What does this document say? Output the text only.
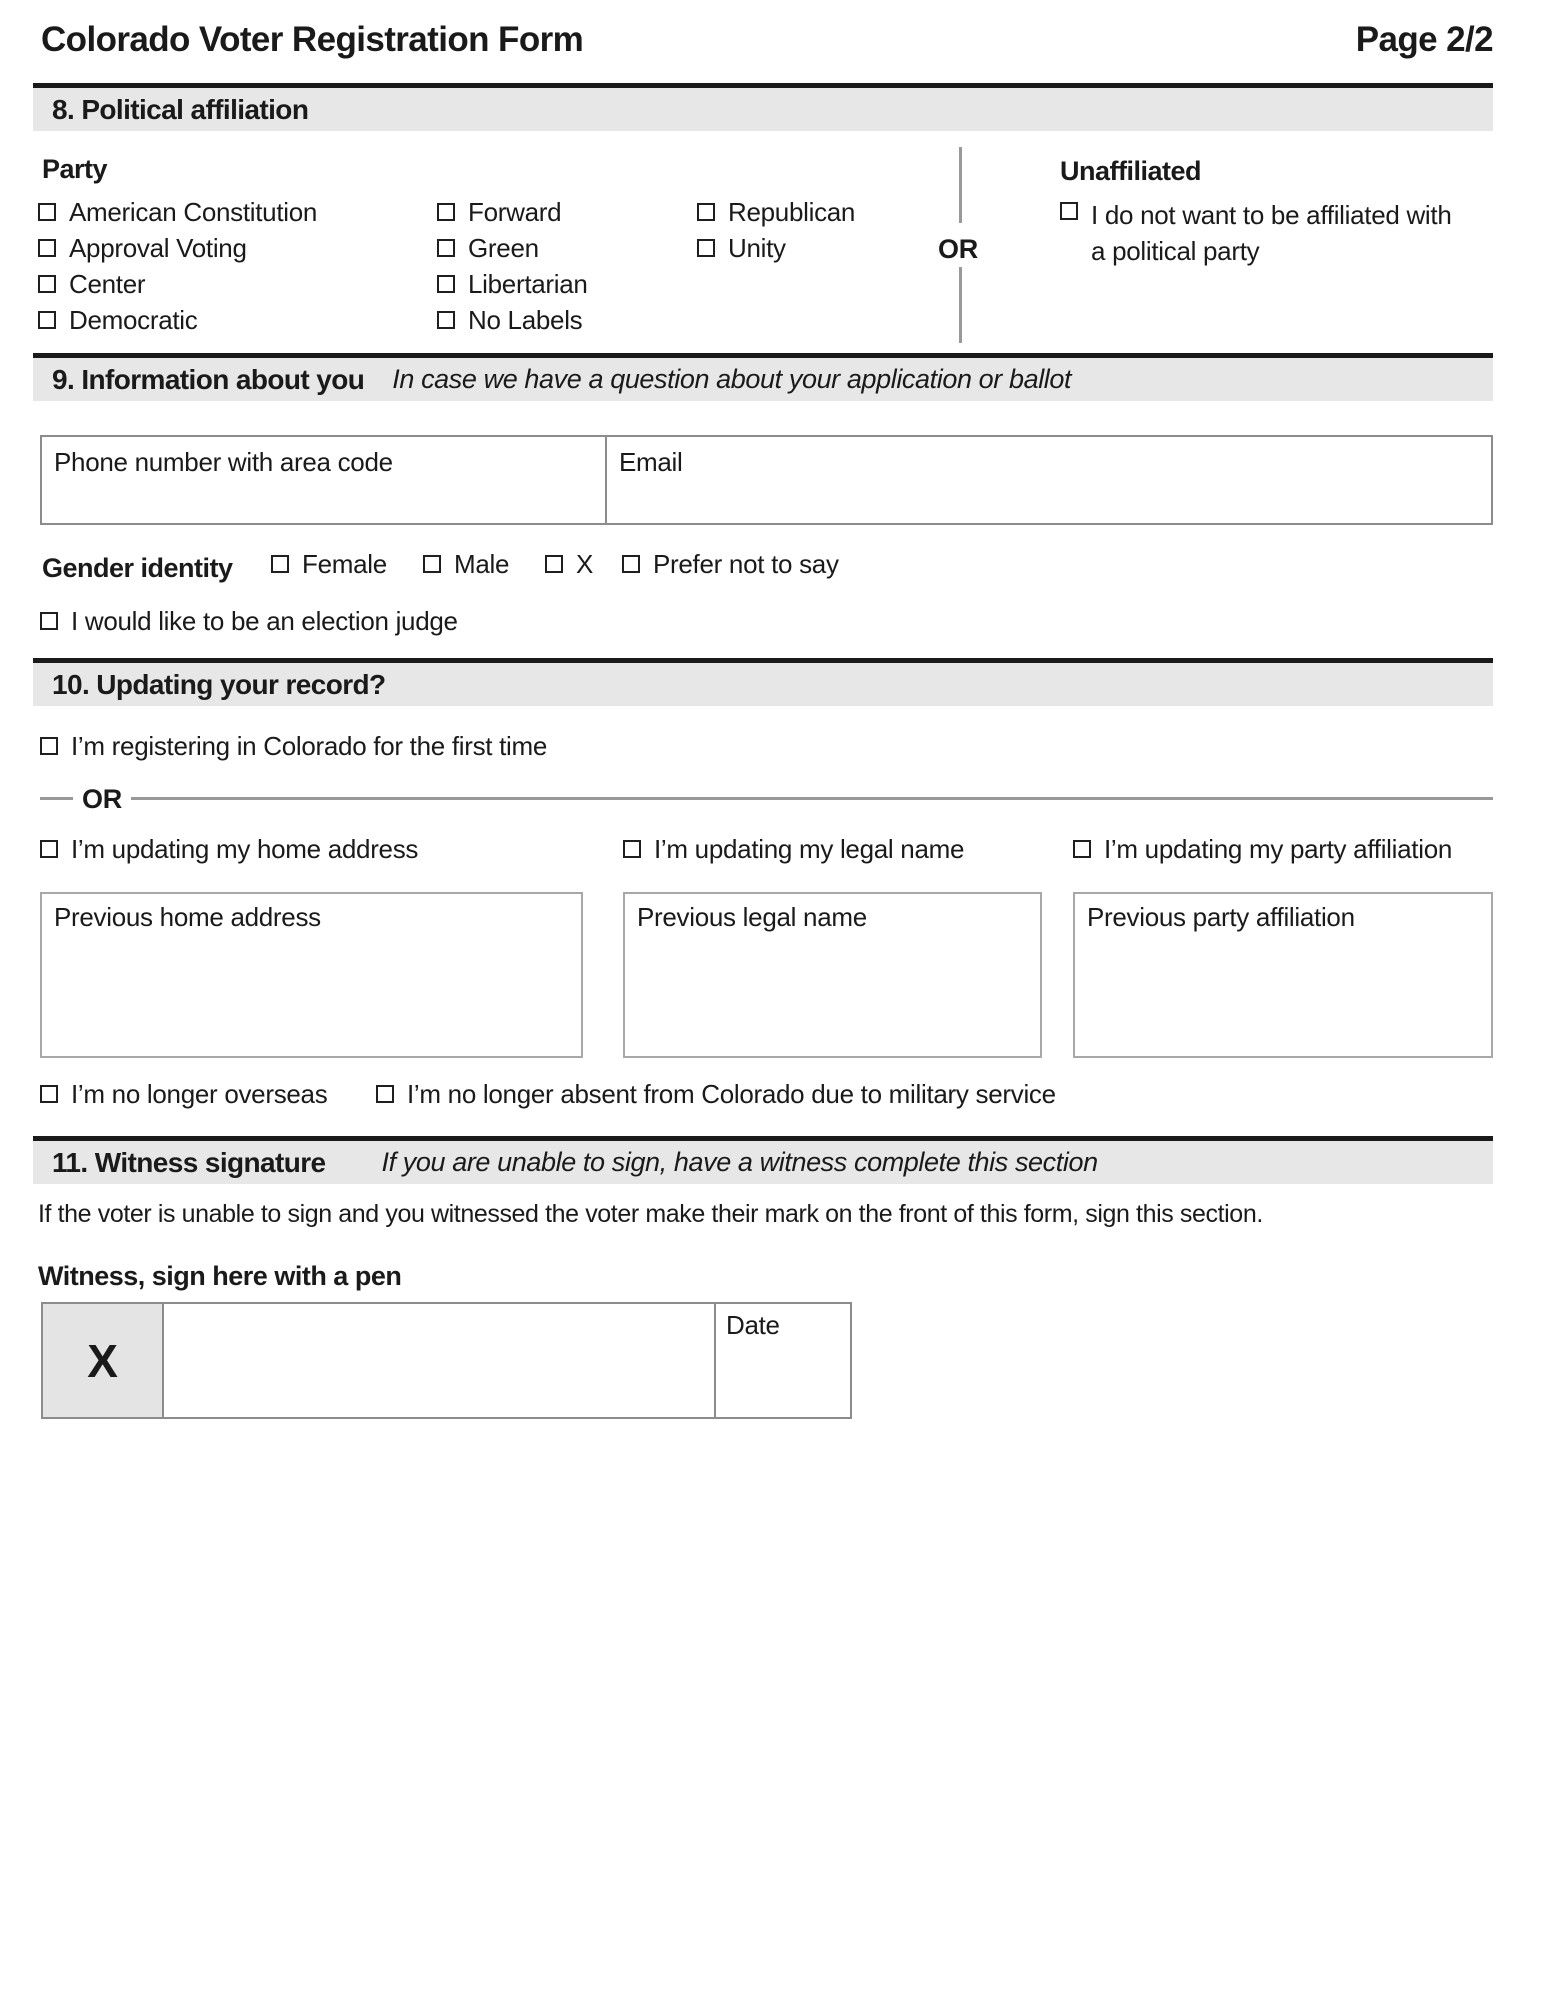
Colorado Voter Registration Form	Page 2/2
8. Political affiliation
Party
American Constitution
Approval Voting
Center
Democratic
Forward
Green
Libertarian
No Labels
Republican
Unity	OR
Unaffiliated
I do not want to be affiliated with a political party
9. Information about you In case we have a question about your application or ballot
Phone number with area code	Email
Gender identity	Female	Male	X Prefer not to say
I would like to be an election judge
10. Updating your record?
I’m registering in Colorado for the first time
OR
I’m updating my home address	I’m updating my legal name	I’m updating my party affiliation
Previous home address	Previous legal name	Previous party affiliation
I’m no longer overseas	I’m no longer absent from Colorado due to military service
11. Witness signature If you are unable to sign, have a witness complete this section
If the voter is unable to sign and you witnessed the voter make their mark on the front of this form, sign this section.
Witness, sign here with a pen
X
Date
